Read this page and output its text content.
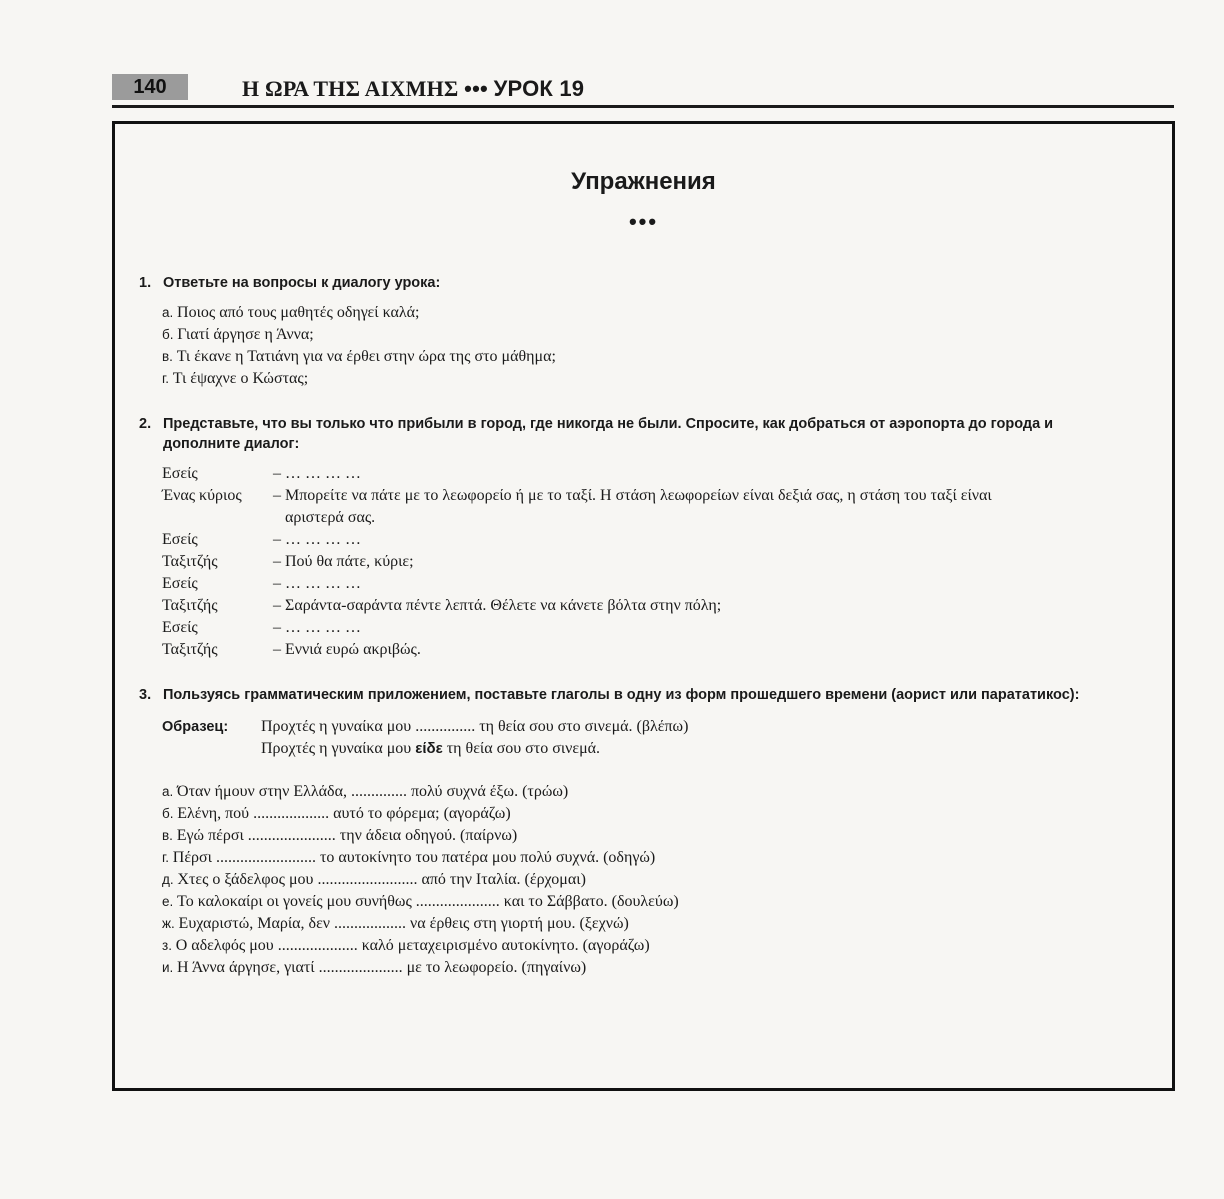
140	Η ΩΡΑ ΤΗΣ ΑΙΧΜΗΣ ••• УРОК 19
Упражнения
•••
1. Ответьте на вопросы к диалогу урока:
а. Ποιος από τους μαθητές οδηγεί καλά;
б. Γιατί άργησε η Άννα;
в. Τι έκανε η Τατιάνη για να έρθει στην ώρα της στο μάθημα;
г. Τι έψαχνε ο Κώστας;
2. Представьте, что вы только что прибыли в город, где никогда не были. Спросите, как добраться от аэропорта до города и дополните диалог:
Εσείς	– … … … …
Ένας κύριος – Μπορείτε να πάτε με το λεωφορείο ή με το ταξί. Η στάση λεωφορείων είναι δεξιά σας, η στάση του ταξί είναι
αριστερά σας.
Εσείς	– … … … …
Ταξιτζής	– Πού θα πάτε, κύριε;
Εσείς	– … … … …
Ταξιτζής	– Σαράντα-σαράντα πέντε λεπτά. Θέλετε να κάνετε βόλτα στην πόλη;
Εσείς	– … … … …
Ταξιτζής	– Εννιά ευρώ ακριβώς.
3. Пользуясь грамматическим приложением, поставьте глаголы в одну из форм прошедшего времени (аорист или парататикос):
Образец: Προχτές η γυναίκα μου ............... τη θεία σου στο σινεμά. (βλέπω)
Προχτές η γυναίκα μου είδε τη θεία σου στο σινεμά.
а. Όταν ήμουν στην Ελλάδα, .............. πολύ συχνά έξω. (τρώω)
б. Ελένη, πού ................... αυτό το φόρεμα; (αγοράζω)
в. Εγώ πέρσι ...................... την άδεια οδηγού. (παίρνω)
г. Πέρσι ......................... το αυτοκίνητο του πατέρα μου πολύ συχνά. (οδηγώ)
д. Χτες ο ξάδελφος μου ......................... από την Ιταλία. (έρχομαι)
е. Το καλοκαίρι οι γονείς μου συνήθως ..................... και το Σάββατο. (δουλεύω)
ж. Ευχαριστώ, Μαρία, δεν .................. να έρθεις στη γιορτή μου. (ξεχνώ)
з. Ο αδελφός μου .................... καλό μεταχειρισμένο αυτοκίνητο. (αγοράζω)
и. Η Άννα άργησε, γιατί ..................... με το λεωφορείο. (πηγαίνω)
